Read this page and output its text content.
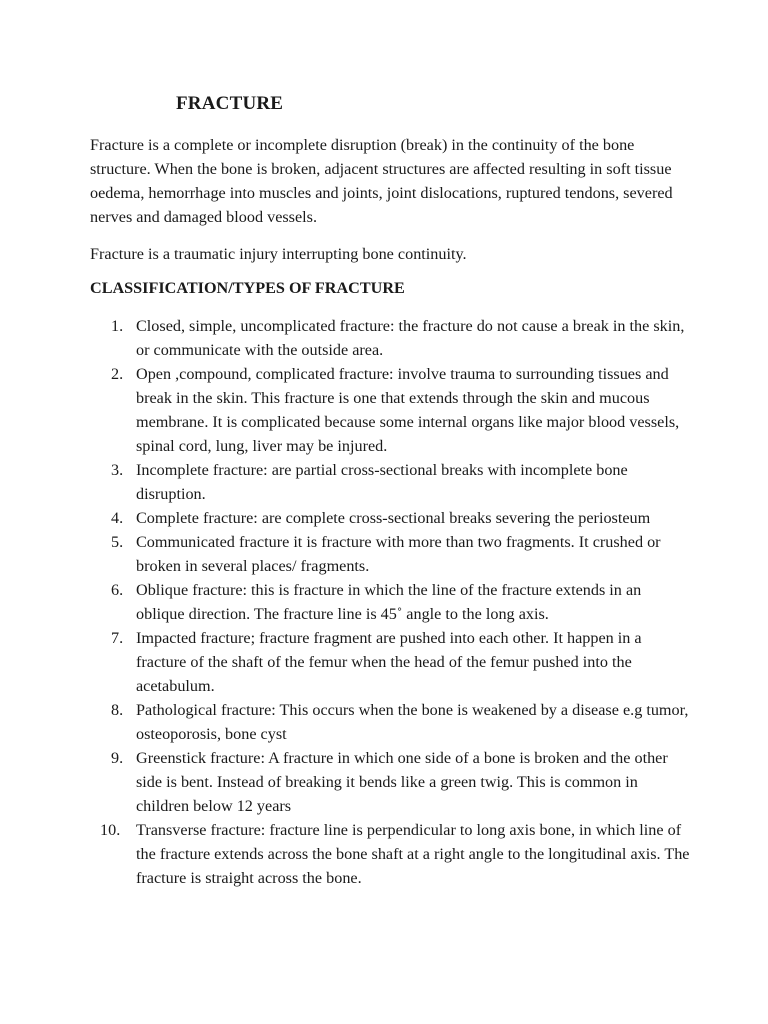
FRACTURE

Fracture is a complete or incomplete disruption (break) in the continuity of the bone structure. When the bone is broken, adjacent structures are affected resulting in soft tissue oedema, hemorrhage into muscles and joints, joint dislocations, ruptured tendons, severed nerves and damaged blood vessels.

Fracture is a traumatic injury interrupting bone continuity.

CLASSIFICATION/TYPES OF FRACTURE
1. Closed, simple, uncomplicated fracture: the fracture do not cause a break in the skin, or communicate with the outside area.
2. Open ,compound, complicated fracture: involve trauma to surrounding tissues and break in the skin. This fracture is one that extends through the skin and mucous membrane. It is complicated because some internal organs like major blood vessels, spinal cord, lung, liver may be injured.
3. Incomplete fracture: are partial cross-sectional breaks with incomplete bone disruption.
4. Complete fracture: are complete cross-sectional breaks severing the periosteum
5. Communicated fracture it is fracture with more than two fragments. It crushed or broken in several places/ fragments.
6. Oblique fracture: this is fracture in which the line of the fracture extends in an oblique direction. The fracture line is 45˚ angle to the long axis.
7. Impacted fracture; fracture fragment are pushed into each other. It happen in a fracture of the shaft of the femur when the head of the femur pushed into the acetabulum.
8. Pathological fracture: This occurs when the bone is weakened by a disease e.g tumor, osteoporosis, bone cyst
9. Greenstick fracture: A fracture in which one side of a bone is broken and the other side is bent. Instead of breaking it bends like a green twig. This is common in children below 12 years
10. Transverse fracture: fracture line is perpendicular to long axis bone, in which line of the fracture extends across the bone shaft at a right angle to the longitudinal axis. The fracture is straight across the bone.
